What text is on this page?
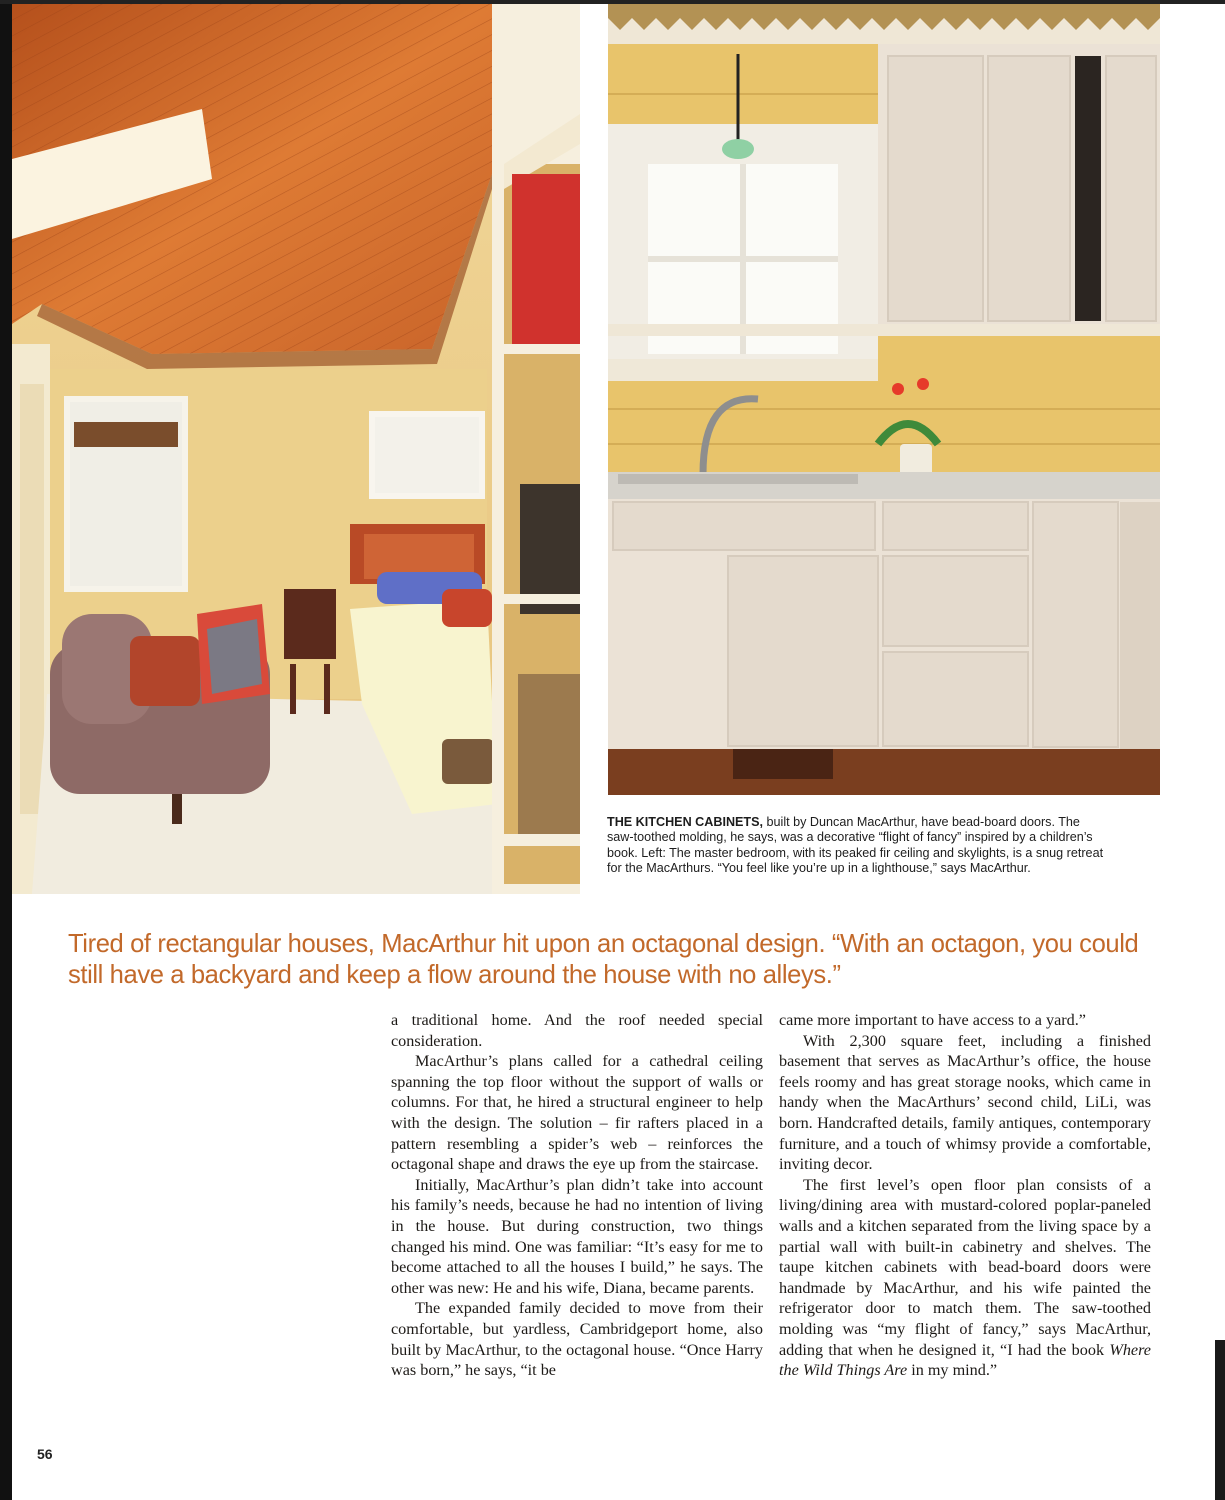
THE KITCHEN CABINETS, built by Duncan MacArthur, have bead-board doors. The saw-toothed molding, he says, was a decorative “flight of fancy” inspired by a children’s book. Left: The master bedroom, with its peaked fir ceiling and skylights, is a snug retreat for the MacArthurs. “You feel like you’re up in a lighthouse,” says MacArthur.

Tired of rectangular houses, MacArthur hit upon an octagonal design. “With an octagon, you could still have a backyard and keep a flow around the house with no alleys.”

a traditional home. And the roof needed special consideration.

MacArthur’s plans called for a cathedral ceiling spanning the top floor without the support of walls or columns. For that, he hired a structural engineer to help with the design. The solution – fir rafters placed in a pattern resembling a spider’s web – reinforces the octagonal shape and draws the eye up from the staircase.

Initially, MacArthur’s plan didn’t take into account his family’s needs, because he had no intention of living in the house. But during construction, two things changed his mind. One was familiar: “It’s easy for me to become attached to all the houses I build,” he says. The other was new: He and his wife, Diana, became parents.

The expanded family decided to move from their comfortable, but yardless, Cambridgeport home, also built by MacArthur, to the octagonal house. “Once Harry was born,” he says, “it be

came more important to have access to a yard.”

With 2,300 square feet, including a finished basement that serves as MacArthur’s office, the house feels roomy and has great storage nooks, which came in handy when the MacArthurs’ second child, LiLi, was born. Handcrafted details, family antiques, contemporary furniture, and a touch of whimsy provide a comfortable, inviting decor.

The first level’s open floor plan consists of a living/dining area with mustard-colored poplar-paneled walls and a kitchen separated from the living space by a partial wall with built-in cabinetry and shelves. The taupe kitchen cabinets with bead-board doors were handmade by MacArthur, and his wife painted the refrigerator door to match them. The saw-toothed molding was “my flight of fancy,” says MacArthur, adding that when he designed it, “I had the book Where the Wild Things Are in my mind.”

56
